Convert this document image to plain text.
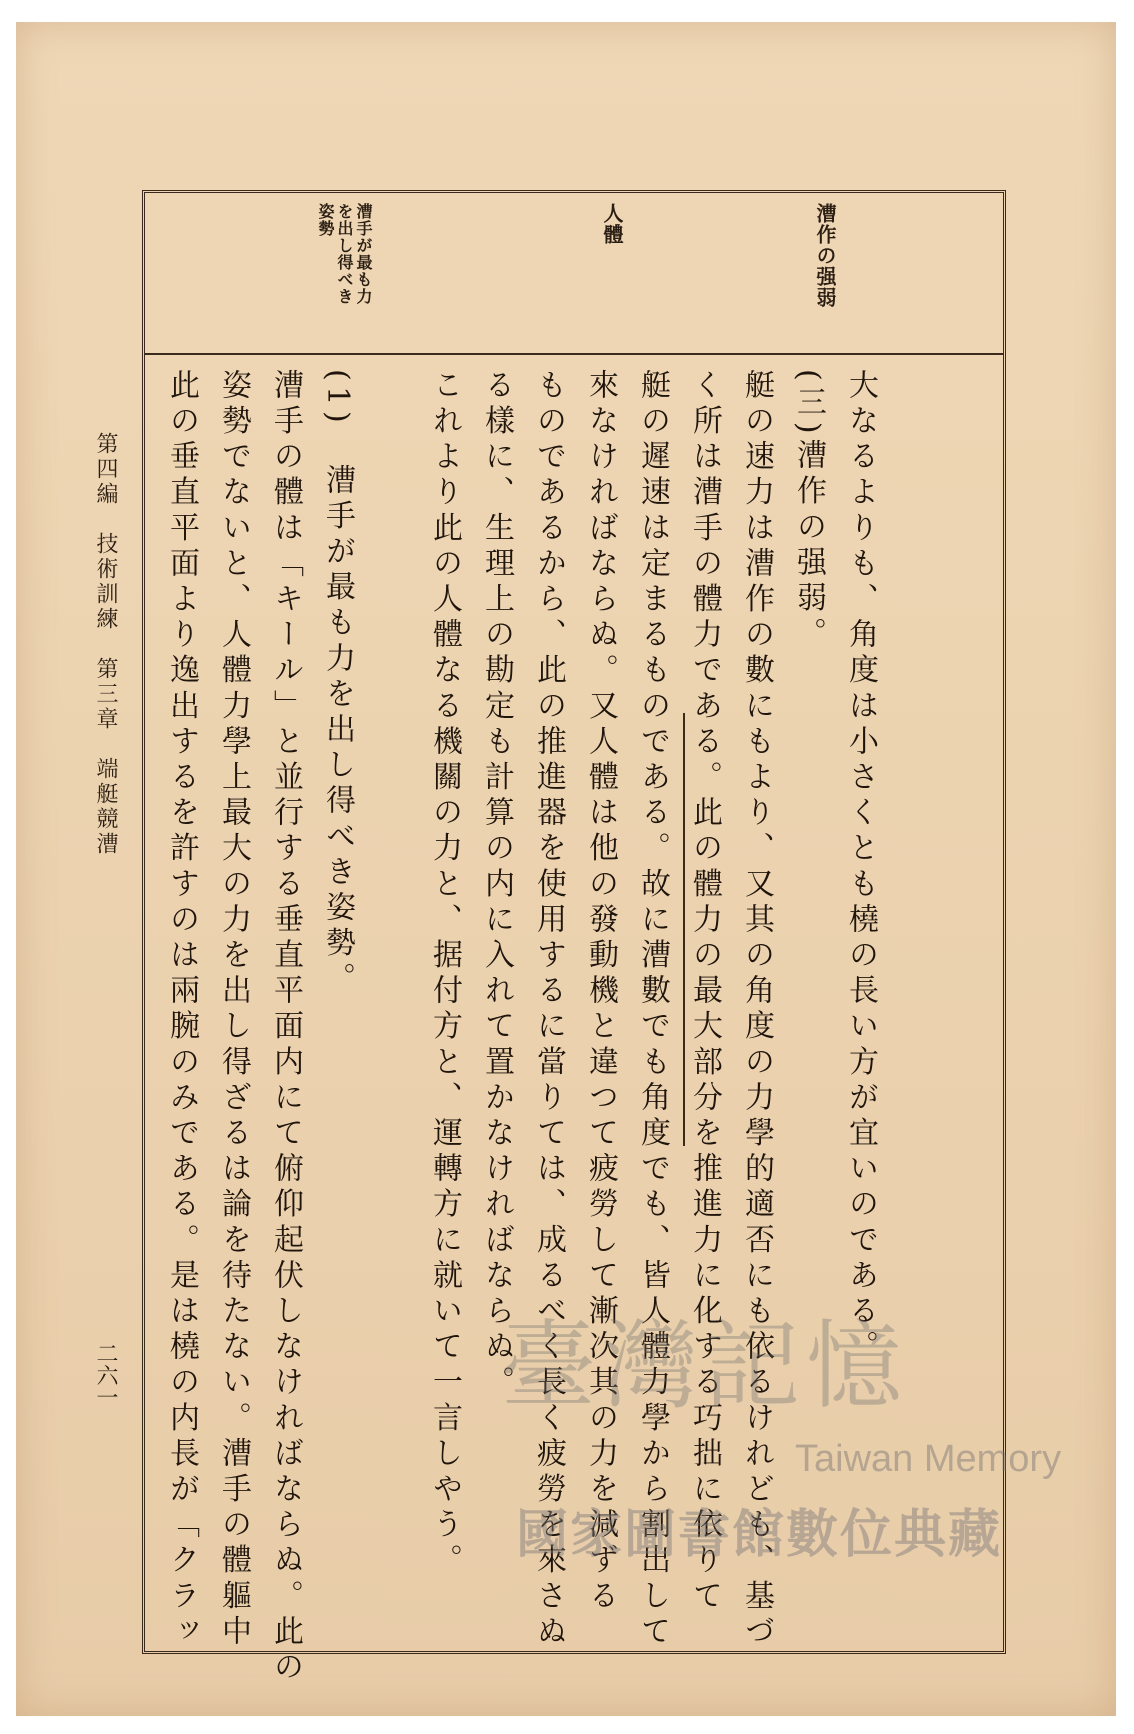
漕作の强弱
人體
漕手が最も力
を出し得べき
姿勢
大なるよりも、角度は小さくとも橈の長い方が宜いのである。
(三)漕作の强弱。
艇の速力は漕作の數にもより、又其の角度の力學的適否にも依るけれども、基づ
く所は漕手の體力である。此の體力の最大部分を推進力に化する巧拙に依りて
艇の遲速は定まるものである。故に漕數でも角度でも、皆人體力學から割出して
來なければならぬ。又人體は他の發動機と違つて疲勞して漸次其の力を減ずる
ものであるから、此の推進器を使用するに當りては、成るべく長く疲勞を來さぬ
る樣に、生理上の勘定も計算の内に入れて置かなければならぬ。
これより此の人體なる機關の力と、据付方と、運轉方に就いて一言しやう。
(1)　漕手が最も力を出し得べき姿勢。
漕手の體は「キール」と並行する垂直平面内にて俯仰起伏しなければならぬ。此の
姿勢でないと、人體力學上最大の力を出し得ざるは論を待たない。漕手の體軀中
此の垂直平面より逸出するを許すのは兩腕のみである。是は橈の内長が「クラッ
第四編　技術訓練　第三章　端艇競漕
二六一	臺灣記憶
Taiwan Memory
國家圖書館數位典藏
